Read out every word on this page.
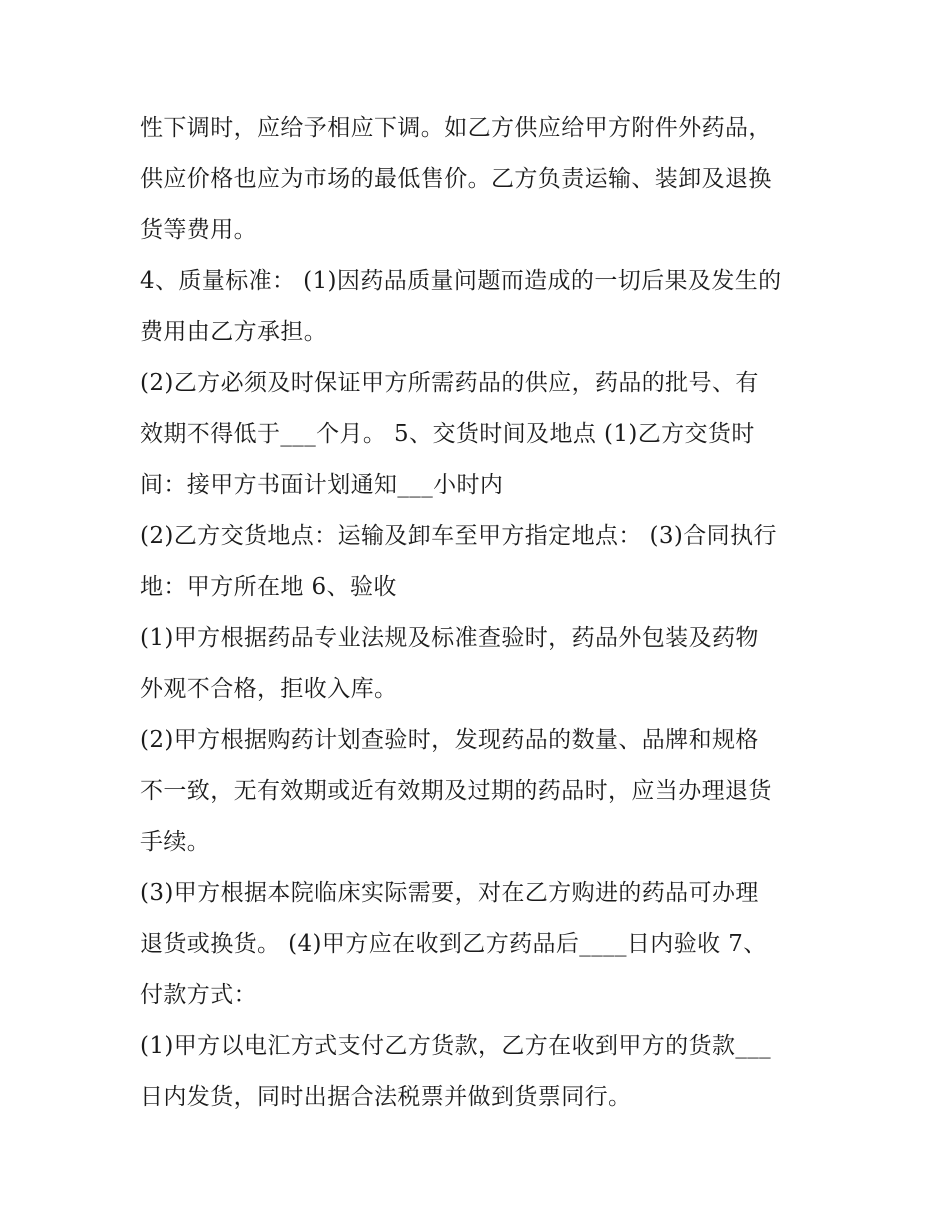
性下调时，应给予相应下调。如乙方供应给甲方附件外药品，
供应价格也应为市场的最低售价。乙方负责运输、装卸及退换
货等费用。
4、质量标准： (1)因药品质量问题而造成的一切后果及发生的
费用由乙方承担。
(2)乙方必须及时保证甲方所需药品的供应，药品的批号、有
效期不得低于___个月。 5、交货时间及地点 (1)乙方交货时
间：接甲方书面计划通知___小时内
(2)乙方交货地点：运输及卸车至甲方指定地点： (3)合同执行
地：甲方所在地 6、验收
(1)甲方根据药品专业法规及标准查验时，药品外包装及药物
外观不合格，拒收入库。
(2)甲方根据购药计划查验时，发现药品的数量、品牌和规格
不一致，无有效期或近有效期及过期的药品时，应当办理退货
手续。
(3)甲方根据本院临床实际需要，对在乙方购进的药品可办理
退货或换货。 (4)甲方应在收到乙方药品后____日内验收 7、
付款方式：
(1)甲方以电汇方式支付乙方货款，乙方在收到甲方的货款___
日内发货，同时出据合法税票并做到货票同行。
